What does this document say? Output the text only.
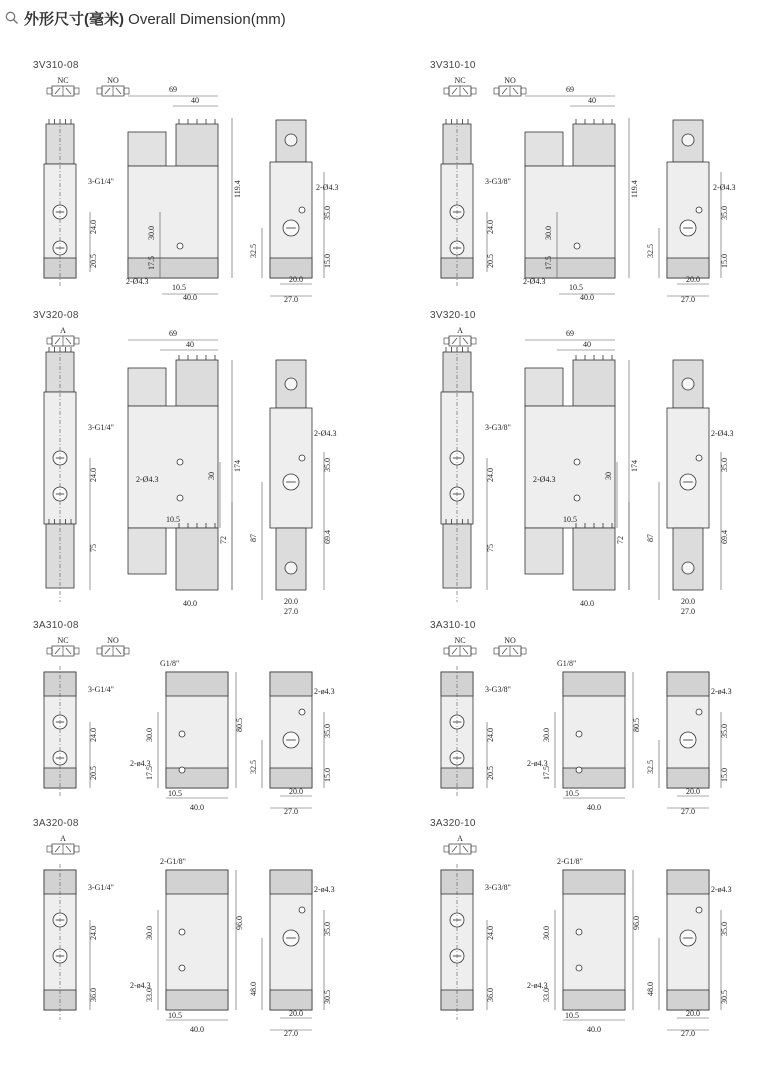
外形尺寸(毫米) Overall Dimension(mm)
3V310-08
NC	NO
3-G1/4"
24.0
20.5
69
40
119.4
30.0
17.5
2-Ø4.3
10.5
40.0
2-Ø4.3
35.0
15.0
32.5
20.0
27.0
3V310-10
NC	NO
3-G3/8"
24.0
20.5
69
40
119.4
30.0
17.5
2-Ø4.3
10.5
40.0
2-Ø4.3
35.0
15.0
32.5
20.0
27.0
3V320-08
A
3-G1/4"
24.0
75
69
40
174
30
72
2-Ø4.3
10.5
40.0
2-Ø4.3
35.0
69.4
87
20.0
27.0
3V320-10
A
3-G3/8"
24.0
75
69
40
174
30
72
2-Ø4.3
10.5
40.0
2-Ø4.3
35.0
69.4
87
20.0
27.0
3A310-08
NC	NO
3-G1/4"
24.0
20.5
G1/8"
80.5
30.0
17.5
2-ø4.3
10.5
40.0
2-ø4.3
35.0
15.0
32.5
20.0
27.0
3A310-10
NC	NO
3-G3/8"
24.0
20.5
G1/8"
80.5
30.0
17.5
2-ø4.3
10.5
40.0
2-ø4.3
35.0
15.0
32.5
20.0
27.0
3A320-08
A
3-G1/4"
24.0
36.0
2-G1/8"
96.0
30.0
33.0
2-ø4.3
10.5
40.0
2-ø4.3
35.0
30.5
48.0
20.0
27.0
3A320-10
A
3-G3/8"
24.0
36.0
2-G1/8"
96.0
30.0
33.0
2-ø4.3
10.5
40.0
2-ø4.3
35.0
30.5
48.0
20.0
27.0
